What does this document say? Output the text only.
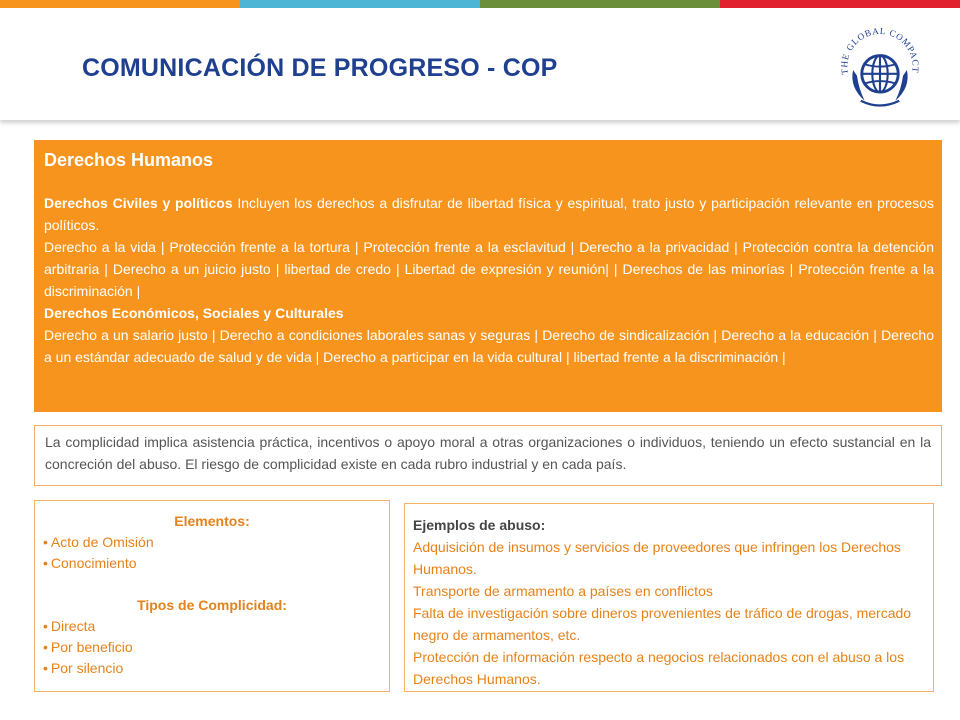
COMUNICACIÓN DE PROGRESO - COP	THE GLOBAL COMPACT
Derechos Humanos

Derechos Civiles y políticos Incluyen los derechos a disfrutar de libertad física y espiritual, trato justo y participación relevante en procesos políticos.

Derecho a la vida | Protección frente a la tortura | Protección frente a la esclavitud | Derecho a la privacidad | Protección contra la detención arbitraria | Derecho a un juicio justo | libertad de credo | Libertad de expresión y reunión| | Derechos de las minorías | Protección frente a la discriminación |

Derechos Económicos, Sociales y Culturales

Derecho a un salario justo | Derecho a condiciones laborales sanas y seguras | Derecho de sindicalización | Derecho a la educación | Derecho a un estándar adecuado de salud y de vida | Derecho a participar en la vida cultural | libertad frente a la discriminación |

La complicidad implica asistencia práctica, incentivos o apoyo moral a otras organizaciones o individuos, teniendo un efecto sustancial en la concreción del abuso. El riesgo de complicidad existe en cada rubro industrial y en cada país.
Elementos:
• Acto de Omisión
• Conocimiento
Tipos de Complicidad:
• Directa
• Por beneficio
• Por silencio
Ejemplos de abuso:
Adquisición de insumos y servicios de proveedores que infringen los Derechos Humanos.
Transporte de armamento a países en conflictos
Falta de investigación sobre dineros provenientes de tráfico de drogas, mercado negro de armamentos, etc.
Protección de información respecto a negocios relacionados con el abuso a los Derechos Humanos.
